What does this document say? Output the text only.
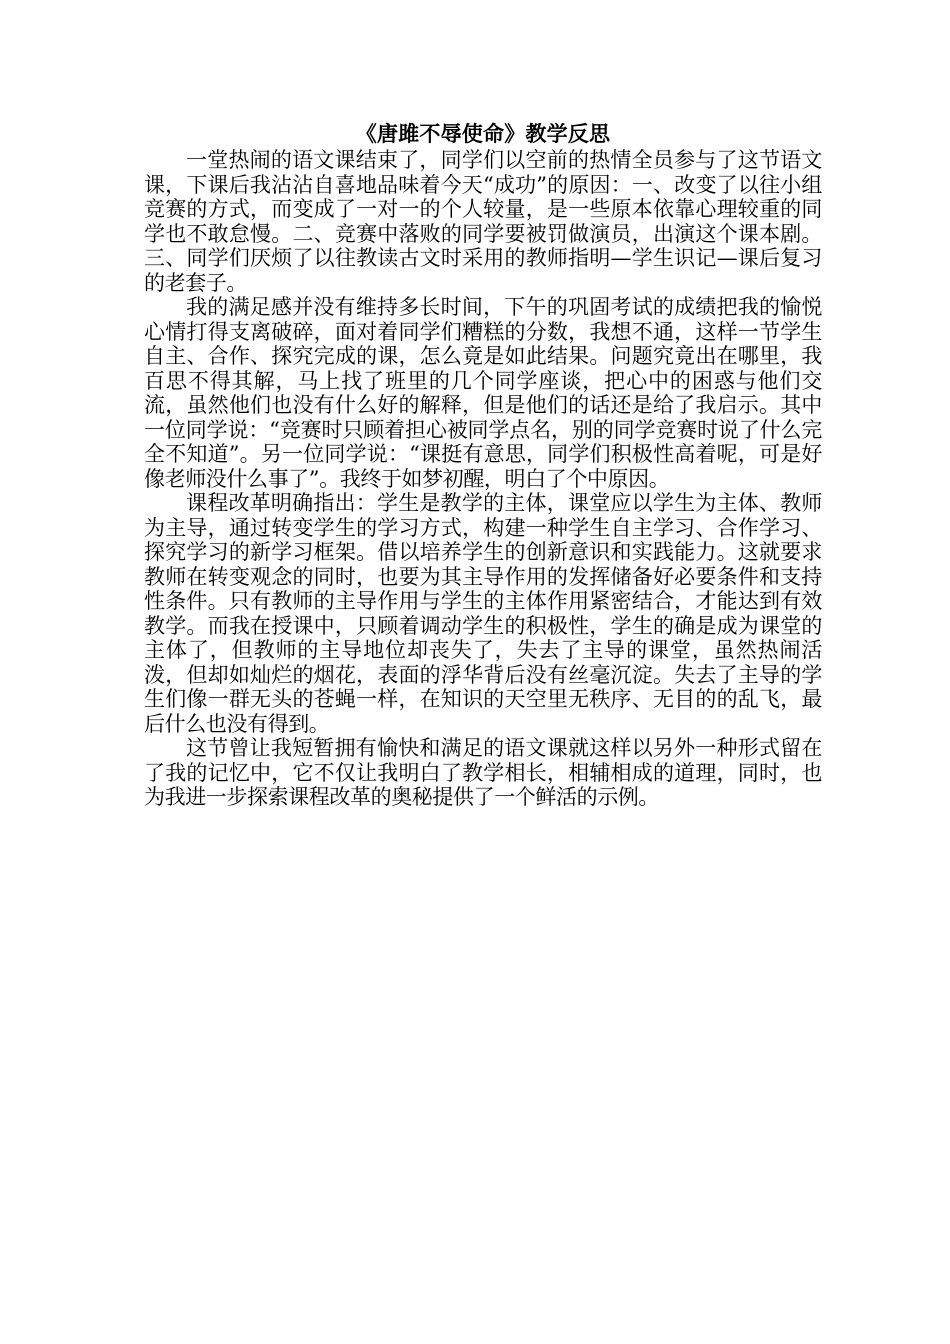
《唐雎不辱使命》教学反思

一堂热闹的语文课结束了，同学们以空前的热情全员参与了这节语文课，下课后我沾沾自喜地品味着今天“成功”的原因：一、改变了以往小组竞赛的方式，而变成了一对一的个人较量，是一些原本依靠心理较重的同学也不敢怠慢。二、竞赛中落败的同学要被罚做演员，出演这个课本剧。三、同学们厌烦了以往教读古文时采用的教师指明—学生识记—课后复习的老套子。

我的满足感并没有维持多长时间，下午的巩固考试的成绩把我的愉悦心情打得支离破碎，面对着同学们糟糕的分数，我想不通，这样一节学生自主、合作、探究完成的课，怎么竟是如此结果。问题究竟出在哪里，我百思不得其解，马上找了班里的几个同学座谈，把心中的困惑与他们交流，虽然他们也没有什么好的解释，但是他们的话还是给了我启示。其中一位同学说：“竞赛时只顾着担心被同学点名，别的同学竞赛时说了什么完全不知道”。另一位同学说：“课挺有意思，同学们积极性高着呢，可是好像老师没什么事了”。我终于如梦初醒，明白了个中原因。

课程改革明确指出：学生是教学的主体，课堂应以学生为主体、教师为主导，通过转变学生的学习方式，构建一种学生自主学习、合作学习、探究学习的新学习框架。借以培养学生的创新意识和实践能力。这就要求教师在转变观念的同时，也要为其主导作用的发挥储备好必要条件和支持性条件。只有教师的主导作用与学生的主体作用紧密结合，才能达到有效教学。而我在授课中，只顾着调动学生的积极性，学生的确是成为课堂的主体了，但教师的主导地位却丧失了，失去了主导的课堂，虽然热闹活泼，但却如灿烂的烟花，表面的浮华背后没有丝毫沉淀。失去了主导的学生们像一群无头的苍蝇一样，在知识的天空里无秩序、无目的的乱飞，最后什么也没有得到。

这节曾让我短暂拥有愉快和满足的语文课就这样以另外一种形式留在了我的记忆中，它不仅让我明白了教学相长，相辅相成的道理，同时，也为我进一步探索课程改革的奥秘提供了一个鲜活的示例。
